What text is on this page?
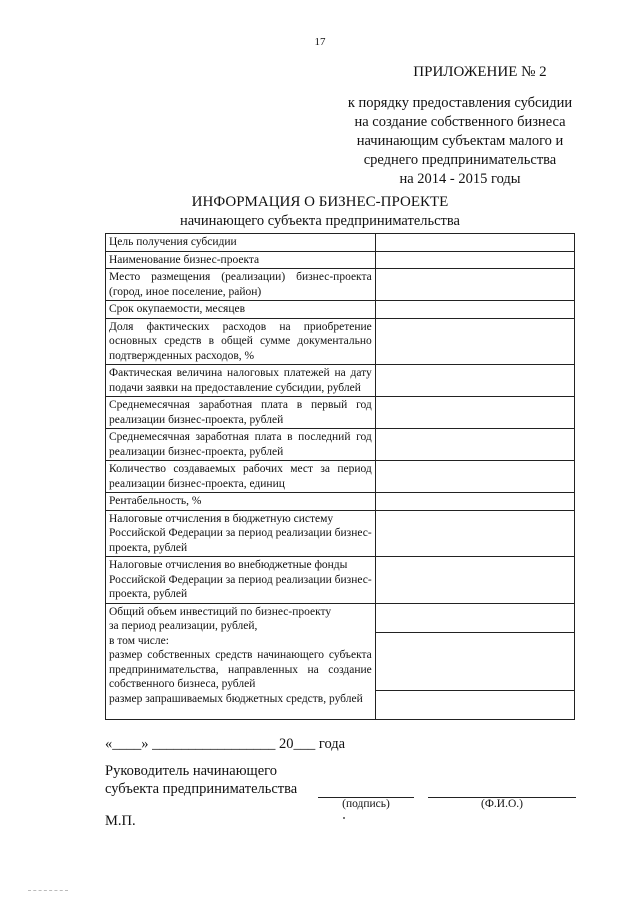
17
ПРИЛОЖЕНИЕ № 2
к порядку предоставления субсидии
на создание собственного бизнеса
начинающим субъектам малого и
среднего предпринимательства
на 2014 - 2015 годы
ИНФОРМАЦИЯ О БИЗНЕС-ПРОЕКТЕ
начинающего субъекта предпринимательства
Цель получения субсидии	
Наименование бизнес-проекта	
Место размещения (реализации) бизнес-проекта (город, иное поселение, район)	
Срок окупаемости, месяцев	
Доля фактических расходов на приобретение основных средств в общей сумме документально подтвержденных расходов, %	
Фактическая величина налоговых платежей на дату подачи заявки на предоставление субсидии, рублей	
Среднемесячная заработная плата в первый год реализации бизнес-проекта, рублей	
Среднемесячная заработная плата в последний год реализации бизнес-проекта, рублей	
Количество создаваемых рабочих мест за период реализации бизнес-проекта, единиц	
Рентабельность, %	
Налоговые отчисления в бюджетную систему Российской Федерации за период реализации бизнес-проекта, рублей	
Налоговые отчисления во внебюджетные фонды Российской Федерации за период реализации бизнес-проекта, рублей	

Общий объем инвестиций по бизнес-проекту
за период реализации, рублей,
в том числе:
размер собственных средств начинающего субъекта предпринимательства, направленных на создание собственного бизнеса, рублей
размер запрашиваемых бюджетных средств, рублей	

«____» _________________ 20___ года
Руководитель начинающего
субъекта предпринимательства
(подпись)	(Ф.И.О.)
М.П.
